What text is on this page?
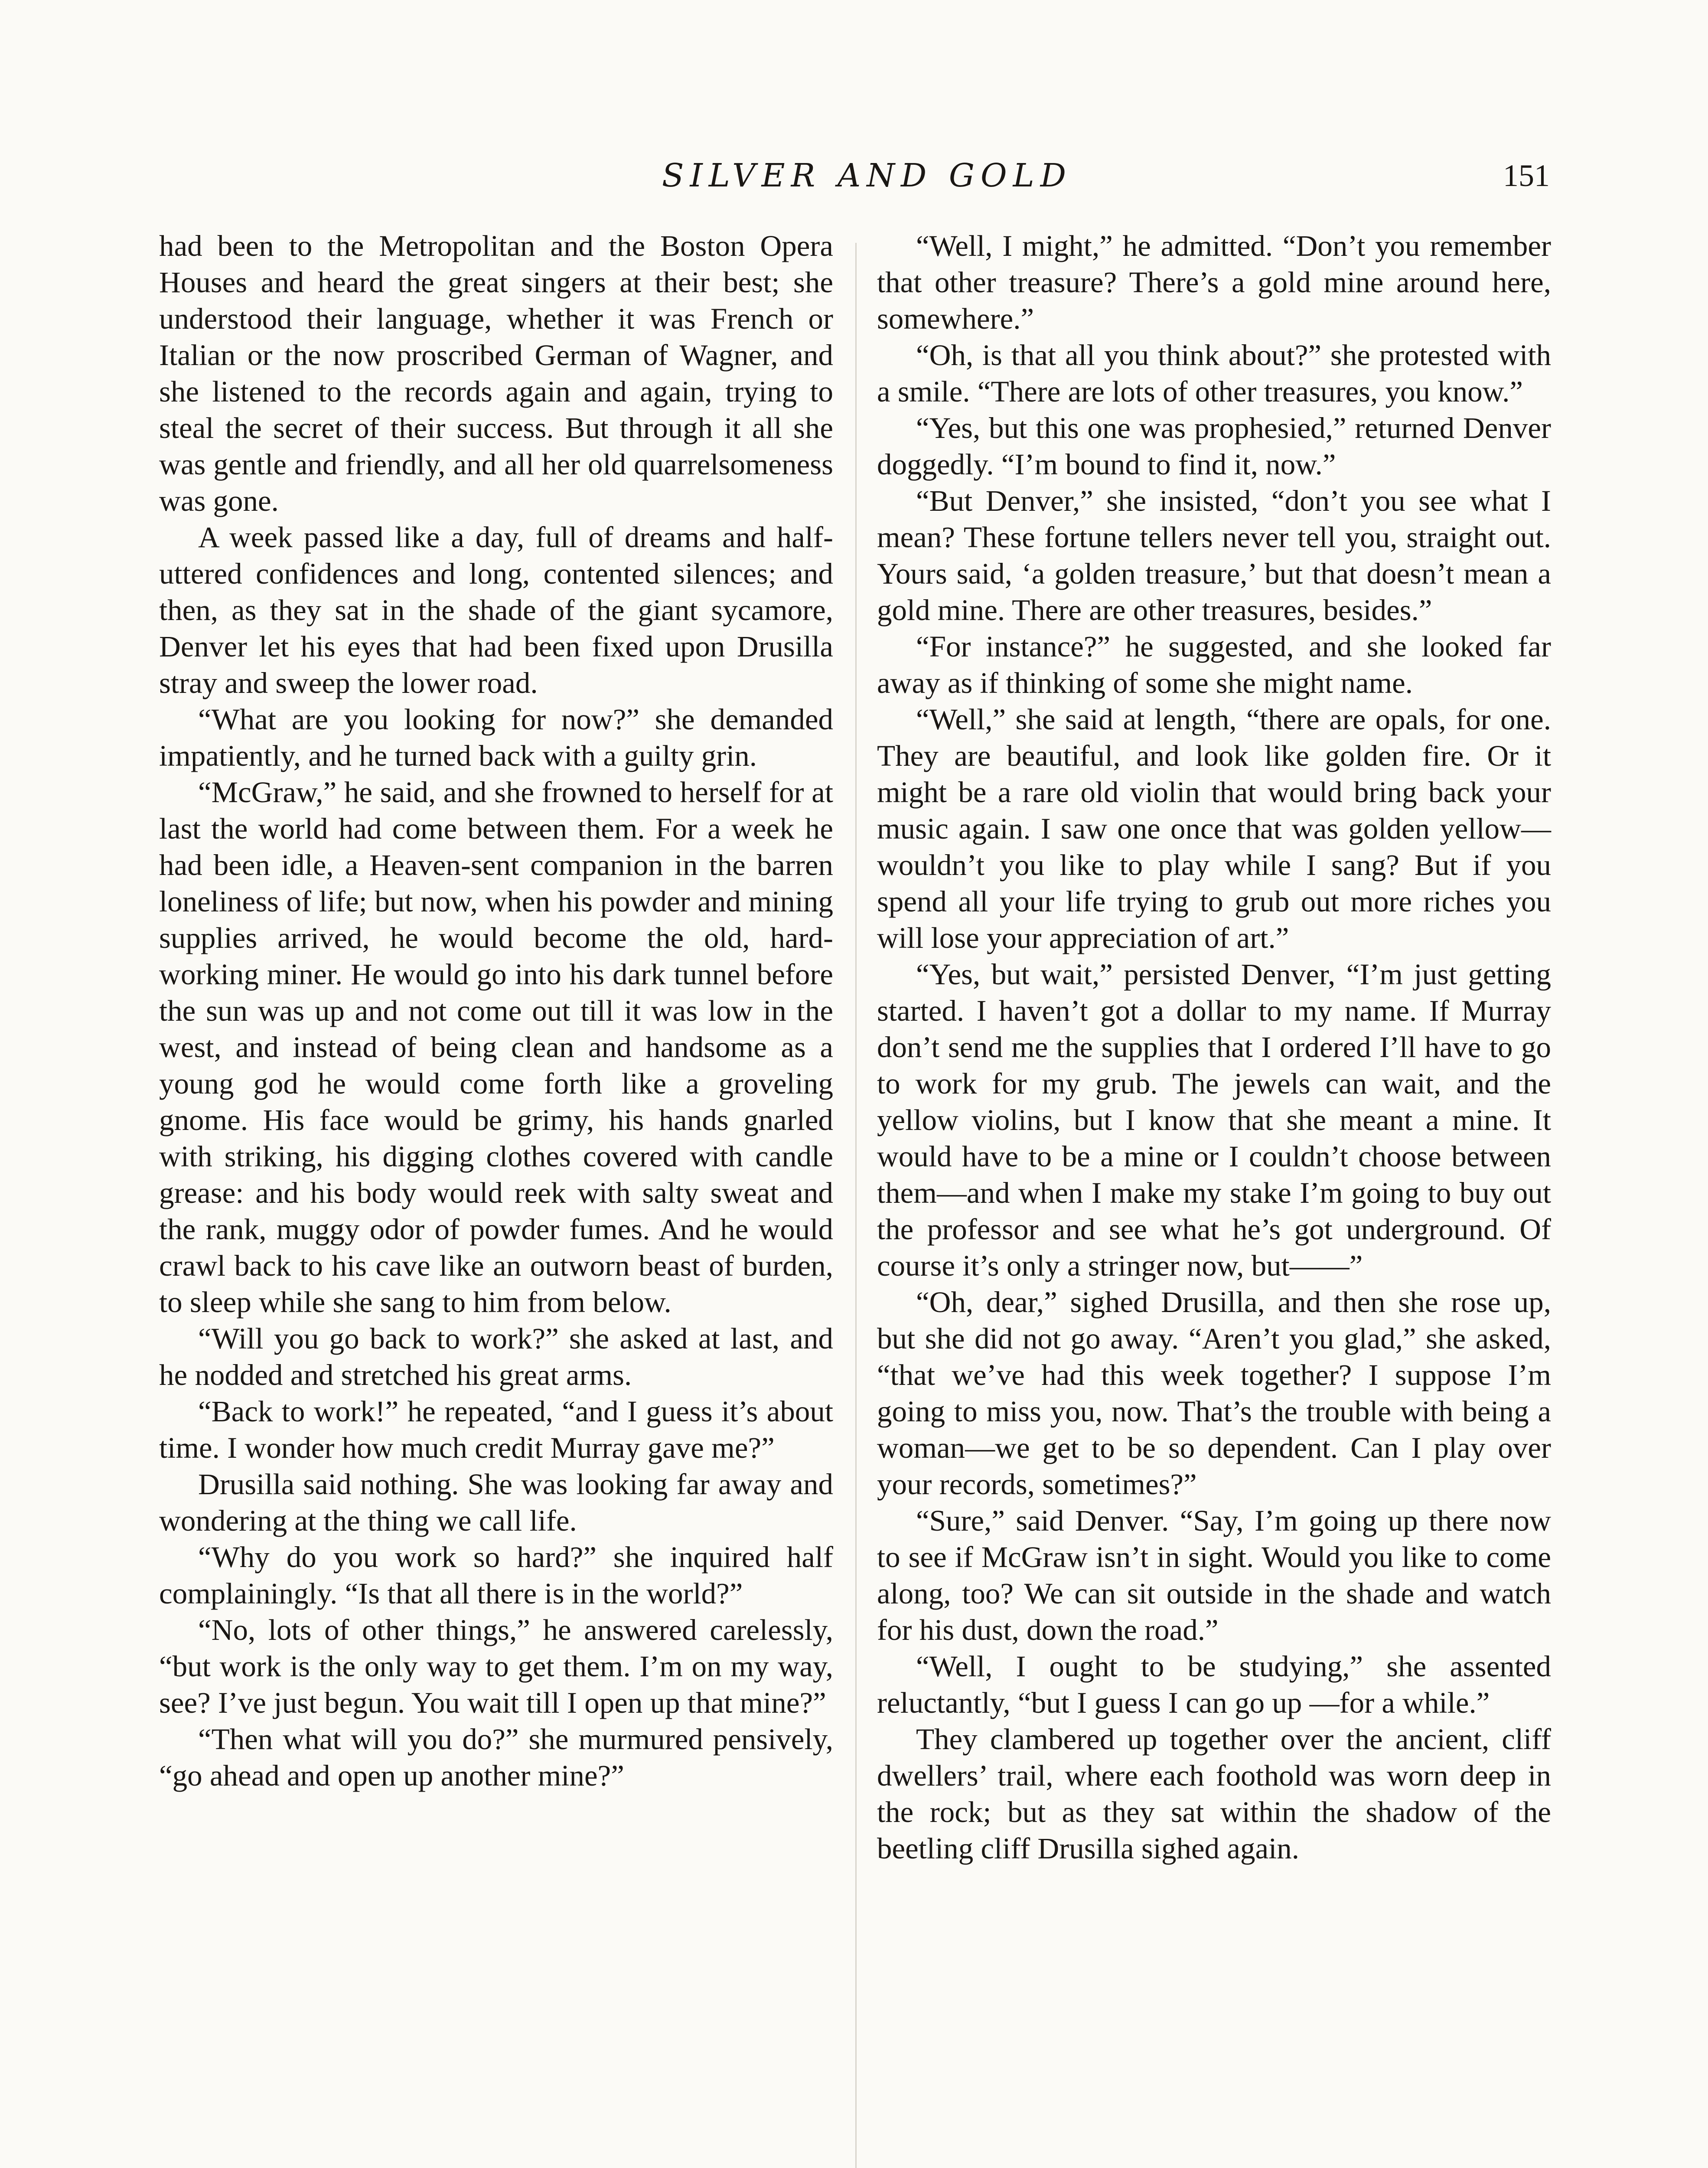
SILVER AND GOLD	151

had been to the Metropolitan and the Boston Opera Houses and heard the great singers at their best; she understood their language, whether it was French or Italian or the now proscribed German of Wagner, and she listened to the records again and again, trying to steal the secret of their success. But through it all she was gentle and friendly, and all her old quarrelsomeness was gone.

A week passed like a day, full of dreams and half-uttered confidences and long, contented silences; and then, as they sat in the shade of the giant sycamore, Denver let his eyes that had been fixed upon Drusilla stray and sweep the lower road.

“What are you looking for now?” she demanded impatiently, and he turned back with a guilty grin.

“McGraw,” he said, and she frowned to herself for at last the world had come between them. For a week he had been idle, a Heaven-sent companion in the barren loneliness of life; but now, when his powder and mining supplies arrived, he would become the old, hard-working miner. He would go into his dark tunnel before the sun was up and not come out till it was low in the west, and instead of being clean and handsome as a young god he would come forth like a groveling gnome. His face would be grimy, his hands gnarled with striking, his digging clothes covered with candle grease: and his body would reek with salty sweat and the rank, muggy odor of powder fumes. And he would crawl back to his cave like an outworn beast of burden, to sleep while she sang to him from below.

“Will you go back to work?” she asked at last, and he nodded and stretched his great arms.

“Back to work!” he repeated, “and I guess it’s about time. I wonder how much credit Murray gave me?”

Drusilla said nothing. She was looking far away and wondering at the thing we call life.

“Why do you work so hard?” she inquired half complainingly. “Is that all there is in the world?”

“No, lots of other things,” he answered carelessly, “but work is the only way to get them. I’m on my way, see? I’ve just begun. You wait till I open up that mine?”

“Then what will you do?” she murmured pensively, “go ahead and open up another mine?”

“Well, I might,” he admitted. “Don’t you remember that other treasure? There’s a gold mine around here, somewhere.”

“Oh, is that all you think about?” she protested with a smile. “There are lots of other treasures, you know.”

“Yes, but this one was prophesied,” returned Denver doggedly. “I’m bound to find it, now.”

“But Denver,” she insisted, “don’t you see what I mean? These fortune tellers never tell you, straight out. Yours said, ‘a golden treasure,’ but that doesn’t mean a gold mine. There are other treasures, besides.”

“For instance?” he suggested, and she looked far away as if thinking of some she might name.

“Well,” she said at length, “there are opals, for one. They are beautiful, and look like golden fire. Or it might be a rare old violin that would bring back your music again. I saw one once that was golden yellow—wouldn’t you like to play while I sang? But if you spend all your life trying to grub out more riches you will lose your appreciation of art.”

“Yes, but wait,” persisted Denver, “I’m just getting started. I haven’t got a dollar to my name. If Murray don’t send me the supplies that I ordered I’ll have to go to work for my grub. The jewels can wait, and the yellow violins, but I know that she meant a mine. It would have to be a mine or I couldn’t choose between them—and when I make my stake I’m going to buy out the professor and see what he’s got underground. Of course it’s only a stringer now, but——”

“Oh, dear,” sighed Drusilla, and then she rose up, but she did not go away. “Aren’t you glad,” she asked, “that we’ve had this week together? I suppose I’m going to miss you, now. That’s the trouble with being a woman—we get to be so dependent. Can I play over your records, sometimes?”

“Sure,” said Denver. “Say, I’m going up there now to see if McGraw isn’t in sight. Would you like to come along, too? We can sit outside in the shade and watch for his dust, down the road.”

“Well, I ought to be studying,” she assented reluctantly, “but I guess I can go up —for a while.”

They clambered up together over the ancient, cliff dwellers’ trail, where each foothold was worn deep in the rock; but as they sat within the shadow of the beetling cliff Drusilla sighed again.
